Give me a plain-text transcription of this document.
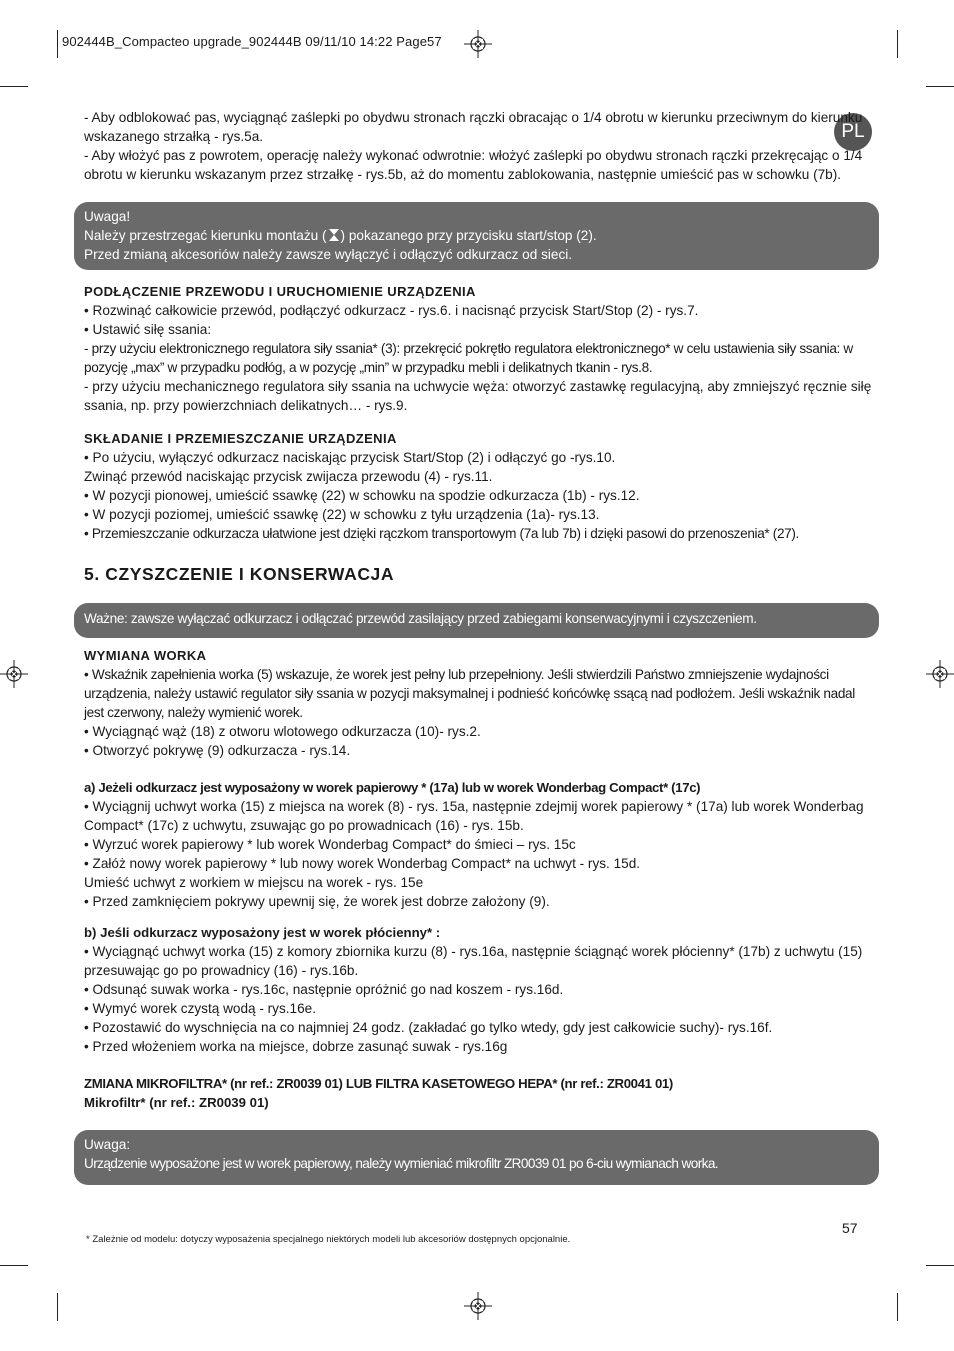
902444B_Compacteo upgrade_902444B 09/11/10 14:22 Page57
PL

- Aby odblokować pas, wyciągnąć zaślepki po obydwu stronach rączki obracając o 1/4 obrotu w kierunku przeciwnym do kierunku wskazanego strzałką - rys.5a.

- Aby włożyć pas z powrotem, operację należy wykonać odwrotnie: włożyć zaślepki po obydwu stronach rączki przekręcając o 1/4 obrotu w kierunku wskazanym przez strzałkę - rys.5b, aż do momentu zablokowania, następnie umieścić pas w schowku (7b).

Uwaga!
Należy przestrzegać kierunku montażu ( ) pokazanego przy przycisku start/stop (2).
Przed zmianą akcesoriów należy zawsze wyłączyć i odłączyć odkurzacz od sieci.
PODŁĄCZENIE PRZEWODU I URUCHOMIENIE URZĄDZENIA

• Rozwinąć całkowicie przewód, podłączyć odkurzacz - rys.6. i nacisnąć przycisk Start/Stop (2) - rys.7.

• Ustawić siłę ssania:

- przy użyciu elektronicznego regulatora siły ssania* (3): przekręcić pokrętło regulatora elektronicznego* w celu ustawienia siły ssania: w pozycję „max” w przypadku podłóg, a w pozycję „min” w przypadku mebli i delikatnych tkanin - rys.8.

- przy użyciu mechanicznego regulatora siły ssania na uchwycie węża: otworzyć zastawkę regulacyjną, aby zmniejszyć ręcznie siłę ssania, np. przy powierzchniach delikatnych… - rys.9.

SKŁADANIE I PRZEMIESZCZANIE URZĄDZENIA

• Po użyciu, wyłączyć odkurzacz naciskając przycisk Start/Stop (2) i odłączyć go -rys.10.

Zwinąć przewód naciskając przycisk zwijacza przewodu (4) - rys.11.

• W pozycji pionowej, umieścić ssawkę (22) w schowku na spodzie odkurzacza (1b) - rys.12.

• W pozycji poziomej, umieścić ssawkę (22) w schowku z tyłu urządzenia (1a)- rys.13.

• Przemieszczanie odkurzacza ułatwione jest dzięki rączkom transportowym (7a lub 7b) i dzięki pasowi do przenoszenia* (27).

5. CZYSZCZENIE I KONSERWACJA
Ważne: zawsze wyłączać odkurzacz i odłączać przewód zasilający przed zabiegami konserwacyjnymi i czyszczeniem.
WYMIANA WORKA

• Wskaźnik zapełnienia worka (5) wskazuje, że worek jest pełny lub przepełniony. Jeśli stwierdzili Państwo zmniejszenie wydajności urządzenia, należy ustawić regulator siły ssania w pozycji maksymalnej i podnieść końcówkę ssącą nad podłożem. Jeśli wskaźnik nadal jest czerwony, należy wymienić worek.

• Wyciągnąć wąż (18) z otworu wlotowego odkurzacza (10)- rys.2.

• Otworzyć pokrywę (9) odkurzacza - rys.14.

a) Jeżeli odkurzacz jest wyposażony w worek papierowy * (17a) lub w worek Wonderbag Compact* (17c)

• Wyciągnij uchwyt worka (15) z miejsca na worek (8) - rys. 15a, następnie zdejmij worek papierowy * (17a) lub worek Wonderbag Compact* (17c) z uchwytu, zsuwając go po prowadnicach (16) - rys. 15b.

• Wyrzuć worek papierowy * lub worek Wonderbag Compact* do śmieci – rys. 15c

• Załóż nowy worek papierowy * lub nowy worek Wonderbag Compact* na uchwyt - rys. 15d.

Umieść uchwyt z workiem w miejscu na worek - rys. 15e

• Przed zamknięciem pokrywy upewnij się, że worek jest dobrze założony (9).

b) Jeśli odkurzacz wyposażony jest w worek płócienny* :

• Wyciągnąć uchwyt worka (15) z komory zbiornika kurzu (8) - rys.16a, następnie ściągnąć worek płócienny* (17b) z uchwytu (15) przesuwając go po prowadnicy (16) - rys.16b.

• Odsunąć suwak worka - rys.16c, następnie opróżnić go nad koszem - rys.16d.

• Wymyć worek czystą wodą - rys.16e.

• Pozostawić do wyschnięcia na co najmniej 24 godz. (zakładać go tylko wtedy, gdy jest całkowicie suchy)- rys.16f.

• Przed włożeniem worka na miejsce, dobrze zasunąć suwak - rys.16g

ZMIANA MIKROFILTRA* (nr ref.: ZR0039 01) LUB FILTRA KASETOWEGO HEPA* (nr ref.: ZR0041 01)
Mikrofiltr* (nr ref.: ZR0039 01)
Uwaga:
Urządzenie wyposażone jest w worek papierowy, należy wymieniać mikrofiltr ZR0039 01 po 6-ciu wymianach worka.
57
* Zależnie od modelu: dotyczy wyposażenia specjalnego niektórych modeli lub akcesoriów dostępnych opcjonalnie.
